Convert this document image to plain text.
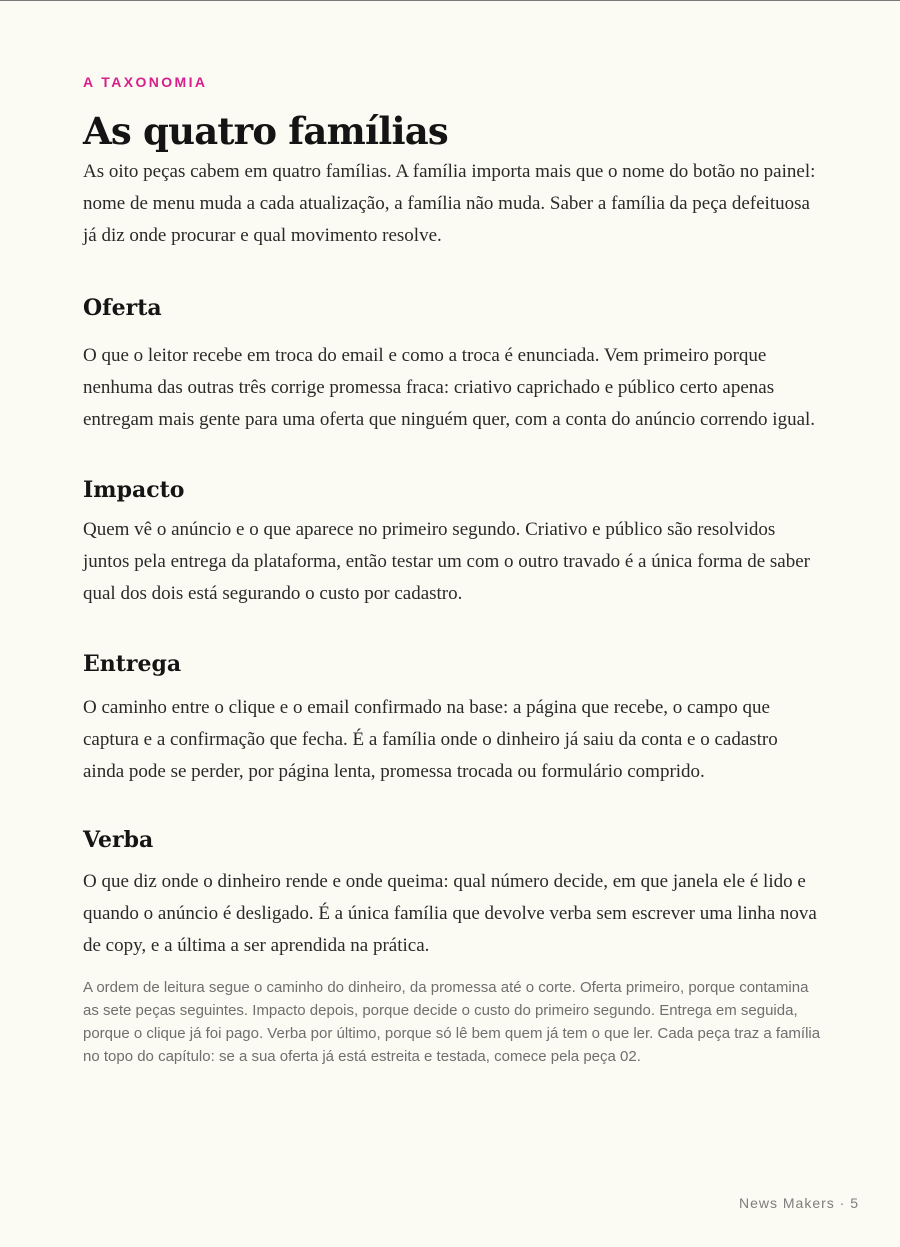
A TAXONOMIA

As quatro famílias

As oito peças cabem em quatro famílias. A família importa mais que o nome do botão no painel: nome de menu muda a cada atualização, a família não muda. Saber a família da peça defeituosa já diz onde procurar e qual movimento resolve.

Oferta

O que o leitor recebe em troca do email e como a troca é enunciada. Vem primeiro porque nenhuma das outras três corrige promessa fraca: criativo caprichado e público certo apenas entregam mais gente para uma oferta que ninguém quer, com a conta do anúncio correndo igual.

Impacto

Quem vê o anúncio e o que aparece no primeiro segundo. Criativo e público são resolvidos juntos pela entrega da plataforma, então testar um com o outro travado é a única forma de saber qual dos dois está segurando o custo por cadastro.

Entrega

O caminho entre o clique e o email confirmado na base: a página que recebe, o campo que captura e a confirmação que fecha. É a família onde o dinheiro já saiu da conta e o cadastro ainda pode se perder, por página lenta, promessa trocada ou formulário comprido.

Verba

O que diz onde o dinheiro rende e onde queima: qual número decide, em que janela ele é lido e quando o anúncio é desligado. É a única família que devolve verba sem escrever uma linha nova de copy, e a última a ser aprendida na prática.

A ordem de leitura segue o caminho do dinheiro, da promessa até o corte. Oferta primeiro, porque contamina as sete peças seguintes. Impacto depois, porque decide o custo do primeiro segundo. Entrega em seguida, porque o clique já foi pago. Verba por último, porque só lê bem quem já tem o que ler. Cada peça traz a família no topo do capítulo: se a sua oferta já está estreita e testada, comece pela peça 02.

News Makers · 5
